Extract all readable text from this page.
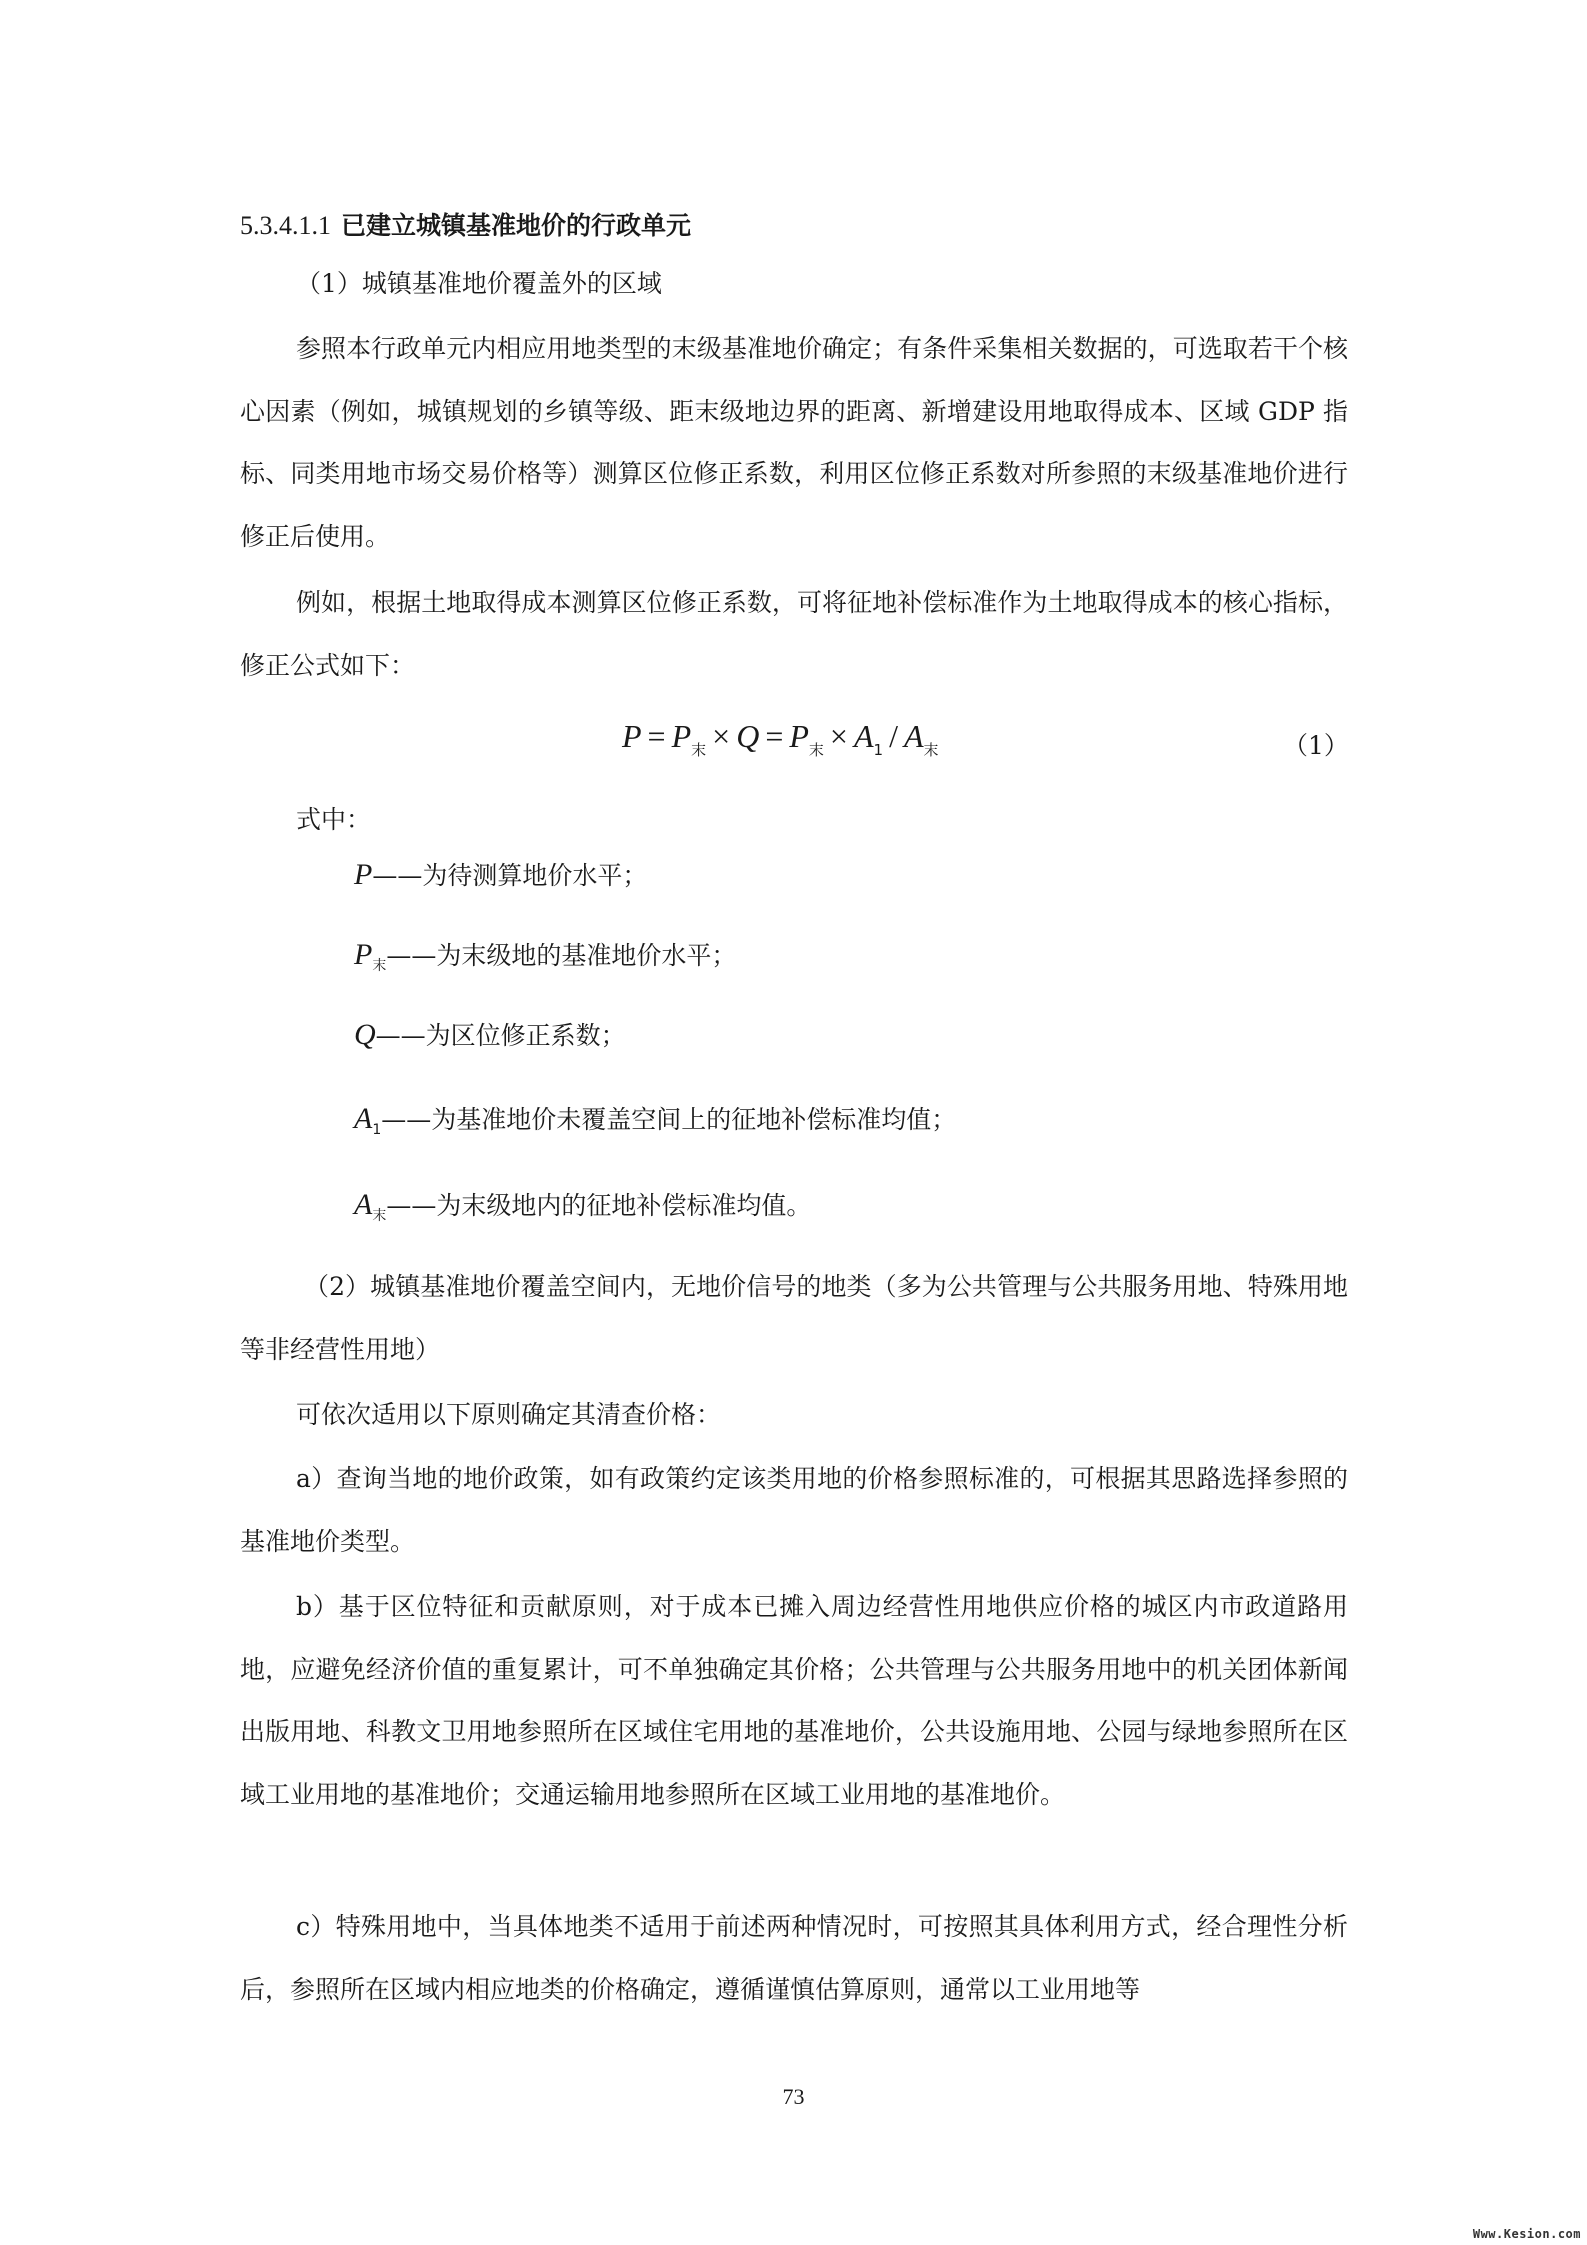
5.3.4.1.1 已建立城镇基准地价的行政单元
（1）城镇基准地价覆盖外的区域
参照本行政单元内相应用地类型的末级基准地价确定；有条件采集相关数据的，可选取若干个核心因素（例如，城镇规划的乡镇等级、距末级地边界的距离、新增建设用地取得成本、区域 GDP 指标、同类用地市场交易价格等）测算区位修正系数，利用区位修正系数对所参照的末级基准地价进行修正后使用。
例如，根据土地取得成本测算区位修正系数，可将征地补偿标准作为土地取得成本的核心指标，修正公式如下：
$P = P_末 \times Q = P_末 \times A_1 / A_末$	（1）
式中：
P——为待测算地价水平；
$P_末——$为末级地的基准地价水平；
Q——为区位修正系数；
$A_1——$为基准地价未覆盖空间上的征地补偿标准均值；
$A_末——$为末级地内的征地补偿标准均值。
（2）城镇基准地价覆盖空间内，无地价信号的地类（多为公共管理与公共服务用地、特殊用地等非经营性用地）
可依次适用以下原则确定其清查价格：
a）查询当地的地价政策，如有政策约定该类用地的价格参照标准的，可根据其思路选择参照的基准地价类型。
b）基于区位特征和贡献原则，对于成本已摊入周边经营性用地供应价格的城区内市政道路用地，应避免经济价值的重复累计，可不单独确定其价格；公共管理与公共服务用地中的机关团体新闻出版用地、科教文卫用地参照所在区域住宅用地的基准地价，公共设施用地、公园与绿地参照所在区域工业用地的基准地价；交通运输用地参照所在区域工业用地的基准地价。
c）特殊用地中，当具体地类不适用于前述两种情况时，可按照其具体利用方式，经合理性分析后，参照所在区域内相应地类的价格确定，遵循谨慎估算原则，通常以工业用地等
73
Www.Kesion.com
